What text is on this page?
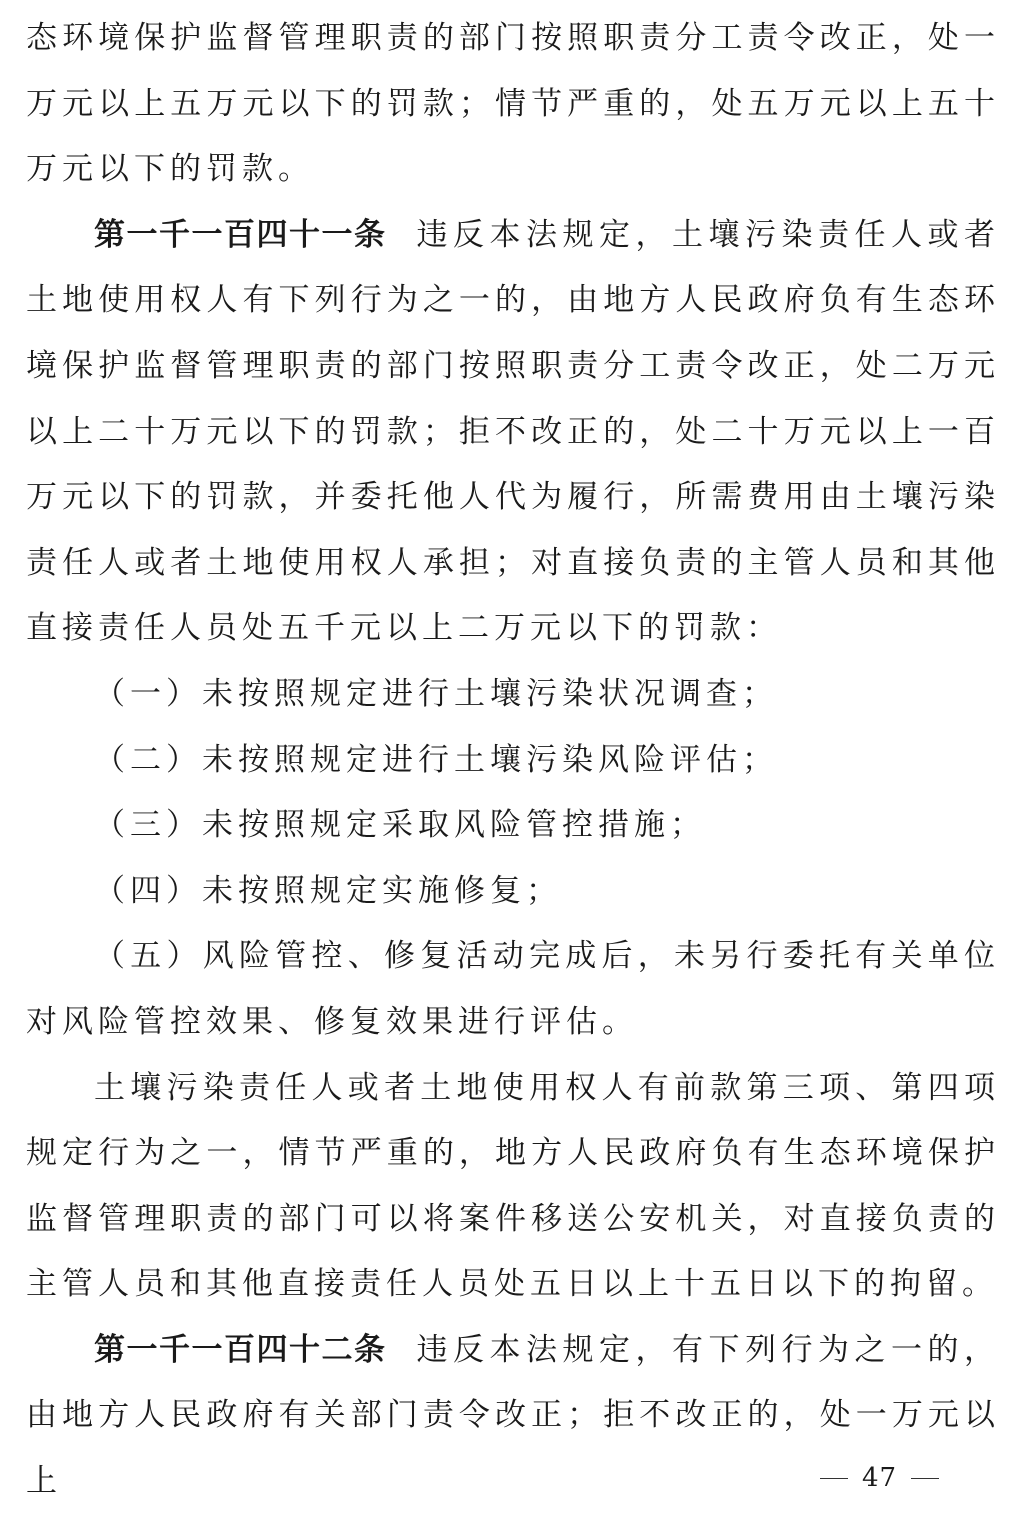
态环境保护监督管理职责的部门按照职责分工责令改正，处一万元以上五万元以下的罚款；情节严重的，处五万元以上五十万元以下的罚款。

第一千一百四十一条 违反本法规定，土壤污染责任人或者土地使用权人有下列行为之一的，由地方人民政府负有生态环境保护监督管理职责的部门按照职责分工责令改正，处二万元以上二十万元以下的罚款；拒不改正的，处二十万元以上一百万元以下的罚款，并委托他人代为履行，所需费用由土壤污染责任人或者土地使用权人承担；对直接负责的主管人员和其他直接责任人员处五千元以上二万元以下的罚款：

（一）未按照规定进行土壤污染状况调查；

（二）未按照规定进行土壤污染风险评估；

（三）未按照规定采取风险管控措施；

（四）未按照规定实施修复；

（五）风险管控、修复活动完成后，未另行委托有关单位对风险管控效果、修复效果进行评估。

土壤污染责任人或者土地使用权人有前款第三项、第四项规定行为之一，情节严重的，地方人民政府负有生态环境保护监督管理职责的部门可以将案件移送公安机关，对直接负责的主管人员和其他直接责任人员处五日以上十五日以下的拘留。

第一千一百四十二条 违反本法规定，有下列行为之一的，由地方人民政府有关部门责令改正；拒不改正的，处一万元以上	47
